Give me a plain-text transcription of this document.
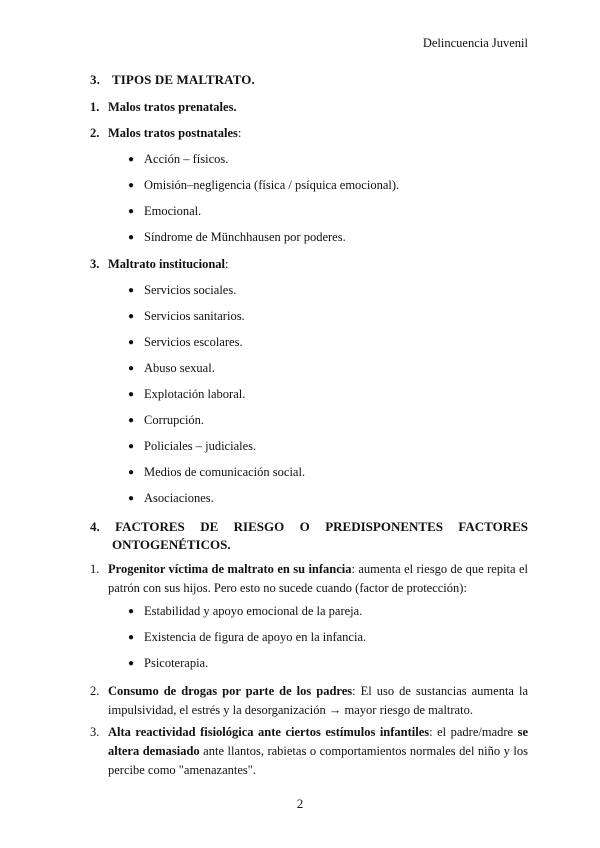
Delincuencia Juvenil
3. TIPOS DE MALTRATO.
1. Malos tratos prenatales.
2. Malos tratos postnatales:
● Acción – físicos.
● Omisión–negligencia (física / psíquica emocional).
● Emocional.
● Síndrome de Münchhausen por poderes.
3. Maltrato institucional:
● Servicios sociales.
● Servicios sanitarios.
● Servicios escolares.
● Abuso sexual.
● Explotación laboral.
● Corrupción.
● Policiales – judiciales.
● Medios de comunicación social.
● Asociaciones.
4. FACTORES DE RIESGO O PREDISPONENTES FACTORES
ONTOGENÉTICOS.
1. Progenitor víctima de maltrato en su infancia: aumenta el riesgo de que repita el patrón con sus hijos. Pero esto no sucede cuando (factor de protección):
● Estabilidad y apoyo emocional de la pareja.
● Existencia de figura de apoyo en la infancia.
● Psicoterapia.
2. Consumo de drogas por parte de los padres: El uso de sustancias aumenta la impulsividad, el estrés y la desorganización → mayor riesgo de maltrato.
3. Alta reactividad fisiológica ante ciertos estímulos infantiles: el padre/madre se altera demasiado ante llantos, rabietas o comportamientos normales del niño y los percibe como "amenazantes".
2
